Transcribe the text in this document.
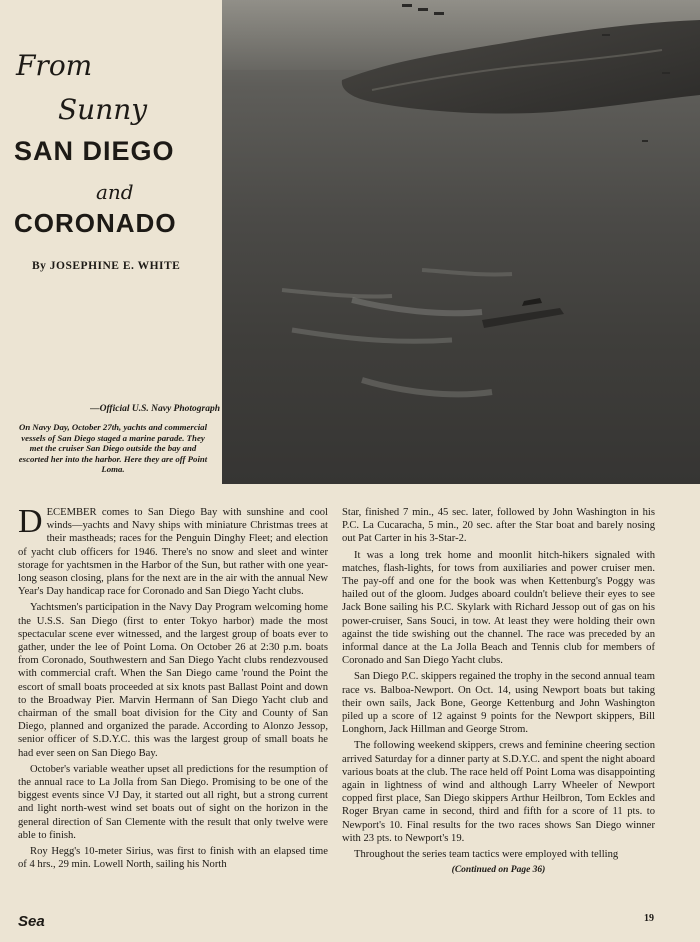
From
Sunny
SAN DIEGO
and
CORONADO
By JOSEPHINE E. WHITE
—Official U.S. Navy Photograph
On Navy Day, October 27th, yachts and commercial vessels of San Diego staged a marine parade. They met the cruiser San Diego outside the bay and escorted her into the harbor. Here they are off Point Loma.

DECEMBER comes to San Diego Bay with sunshine and cool winds—yachts and Navy ships with miniature Christmas trees at their mastheads; races for the Penguin Dinghy Fleet; and election of yacht club officers for 1946. There's no snow and sleet and winter storage for yachtsmen in the Harbor of the Sun, but rather with one year-long season closing, plans for the next are in the air with the annual New Year's Day handicap race for Coronado and San Diego Yacht clubs.

Yachtsmen's participation in the Navy Day Program welcoming home the U.S.S. San Diego (first to enter Tokyo harbor) made the most spectacular scene ever witnessed, and the largest group of boats ever to gather, under the lee of Point Loma. On October 26 at 2:30 p.m. boats from Coronado, Southwestern and San Diego Yacht clubs rendezvoused with commercial craft. When the San Diego came 'round the Point the escort of small boats proceeded at six knots past Ballast Point and down to the Broadway Pier. Marvin Hermann of San Diego Yacht club and chairman of the small boat division for the City and County of San Diego, planned and organized the parade. According to Alonzo Jessop, senior officer of S.D.Y.C. this was the largest group of small boats he had ever seen on San Diego Bay.

October's variable weather upset all predictions for the resumption of the annual race to La Jolla from San Diego. Promising to be one of the biggest events since VJ Day, it started out all right, but a strong current and light north-west wind set boats out of sight on the horizon in the general direction of San Clemente with the result that only twelve were able to finish.

Roy Hegg's 10-meter Sirius, was first to finish with an elapsed time of 4 hrs., 29 min. Lowell North, sailing his North

Star, finished 7 min., 45 sec. later, followed by John Washington in his P.C. La Cucaracha, 5 min., 20 sec. after the Star boat and barely nosing out Pat Carter in his 3-Star-2.

It was a long trek home and moonlit hitch-hikers signaled with matches, flash-lights, for tows from auxiliaries and power cruiser men. The pay-off and one for the book was when Kettenburg's Poggy was hailed out of the gloom. Judges aboard couldn't believe their eyes to see Jack Bone sailing his P.C. Skylark with Richard Jessop out of gas on his power-cruiser, Sans Souci, in tow. At least they were holding their own against the tide swishing out the channel. The race was preceded by an informal dance at the La Jolla Beach and Tennis club for members of Coronado and San Diego Yacht clubs.

San Diego P.C. skippers regained the trophy in the second annual team race vs. Balboa-Newport. On Oct. 14, using Newport boats but taking their own sails, Jack Bone, George Kettenburg and John Washington piled up a score of 12 against 9 points for the Newport skippers, Bill Longhorn, Jack Hillman and George Strom.

The following weekend skippers, crews and feminine cheering section arrived Saturday for a dinner party at S.D.Y.C. and spent the night aboard various boats at the club. The race held off Point Loma was disappointing again in lightness of wind and although Larry Wheeler of Newport copped first place, San Diego skippers Arthur Heilbron, Tom Eckles and Roger Bryan came in second, third and fifth for a score of 11 pts. to Newport's 10. Final results for the two races shows San Diego winner with 23 pts. to Newport's 19.

Throughout the series team tactics were employed with telling

(Continued on Page 36)
Sea	19
